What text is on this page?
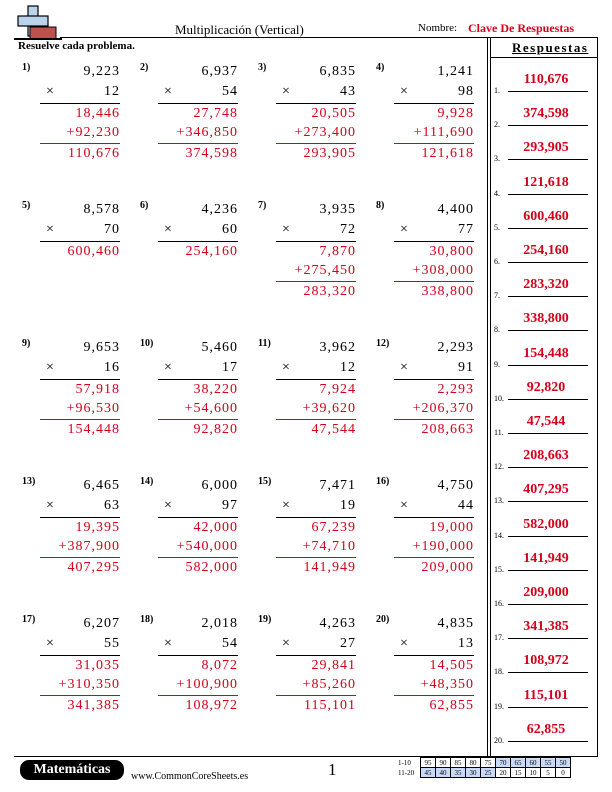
Multiplicación (Vertical)	Nombre: Clave De Respuestas
Resuelve cada problema.	Respuestas
1)	9,223
×	12
18,446
+92,230
110,676
2)	6,937
×	54
27,748
+346,850
374,598
3)	6,835
×	43
20,505
+273,400
293,905
4)	1,241
×	98
9,928
+111,690
121,618
5)	8,578
×	70
600,460
6)	4,236
×	60
254,160
7)	3,935
×	72
7,870
+275,450
283,320
8)	4,400
×	77
30,800
+308,000
338,800
9)	9,653
×	16
57,918
+96,530
154,448
10)	5,460
×	17
38,220
+54,600
92,820
11)	3,962
×	12
7,924
+39,620
47,544
12)	2,293
×	91
2,293
+206,370
208,663
13)	6,465
×	63
19,395
+387,900
407,295
14)	6,000
×	97
42,000
+540,000
582,000
15)	7,471
×	19
67,239
+74,710
141,949
16)	4,750
×	44
19,000
+190,000
209,000
17)	6,207
×	55
31,035
+310,350
341,385
18)	2,018
×	54
8,072
+100,900
108,972
19)	4,263
×	27
29,841
+85,260
115,101
20)	4,835
×	13
14,505
+48,350
62,855
1.
110,676
2.
374,598
3.
293,905
4.
121,618
5.
600,460
6.
254,160
7.
283,320
8.
338,800
9.
154,448
10.
92,820
11.
47,544
12.
208,663
13.
407,295
14.
582,000
15.
141,949
16.
209,000
17.
341,385
18.
108,972
19.
115,101
20.
62,855
Matemáticas	www.CommonCoreSheets.es	1	1-10	95	90	85	80	75	70	65	60	55	50
11-20	45	40	35	30	25	20	15	10	5	0
